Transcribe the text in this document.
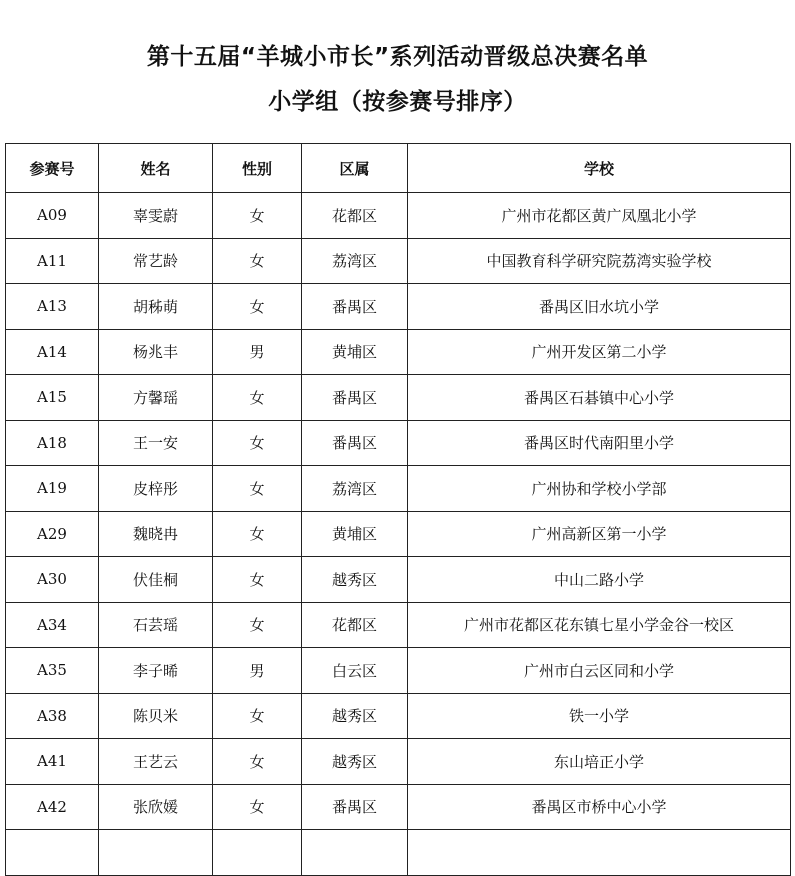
第十五届“羊城小市长”系列活动晋级总决赛名单
小学组（按参赛号排序）
参赛号	姓名	性别	区属	学校
A09	辜雯蔚	女	花都区	广州市花都区黄广凤凰北小学
A11	常艺龄	女	荔湾区	中国教育科学研究院荔湾实验学校
A13	胡秭萌	女	番禺区	番禺区旧水坑小学
A14	杨兆丰	男	黄埔区	广州开发区第二小学
A15	方馨瑶	女	番禺区	番禺区石碁镇中心小学
A18	王一安	女	番禺区	番禺区时代南阳里小学
A19	皮梓彤	女	荔湾区	广州协和学校小学部
A29	魏晓冉	女	黄埔区	广州高新区第一小学
A30	伏佳桐	女	越秀区	中山二路小学
A34	石芸瑶	女	花都区	广州市花都区花东镇七星小学金谷一校区
A35	李子晞	男	白云区	广州市白云区同和小学
A38	陈贝米	女	越秀区	铁一小学
A41	王艺云	女	越秀区	东山培正小学
A42	张欣媛	女	番禺区	番禺区市桥中心小学
